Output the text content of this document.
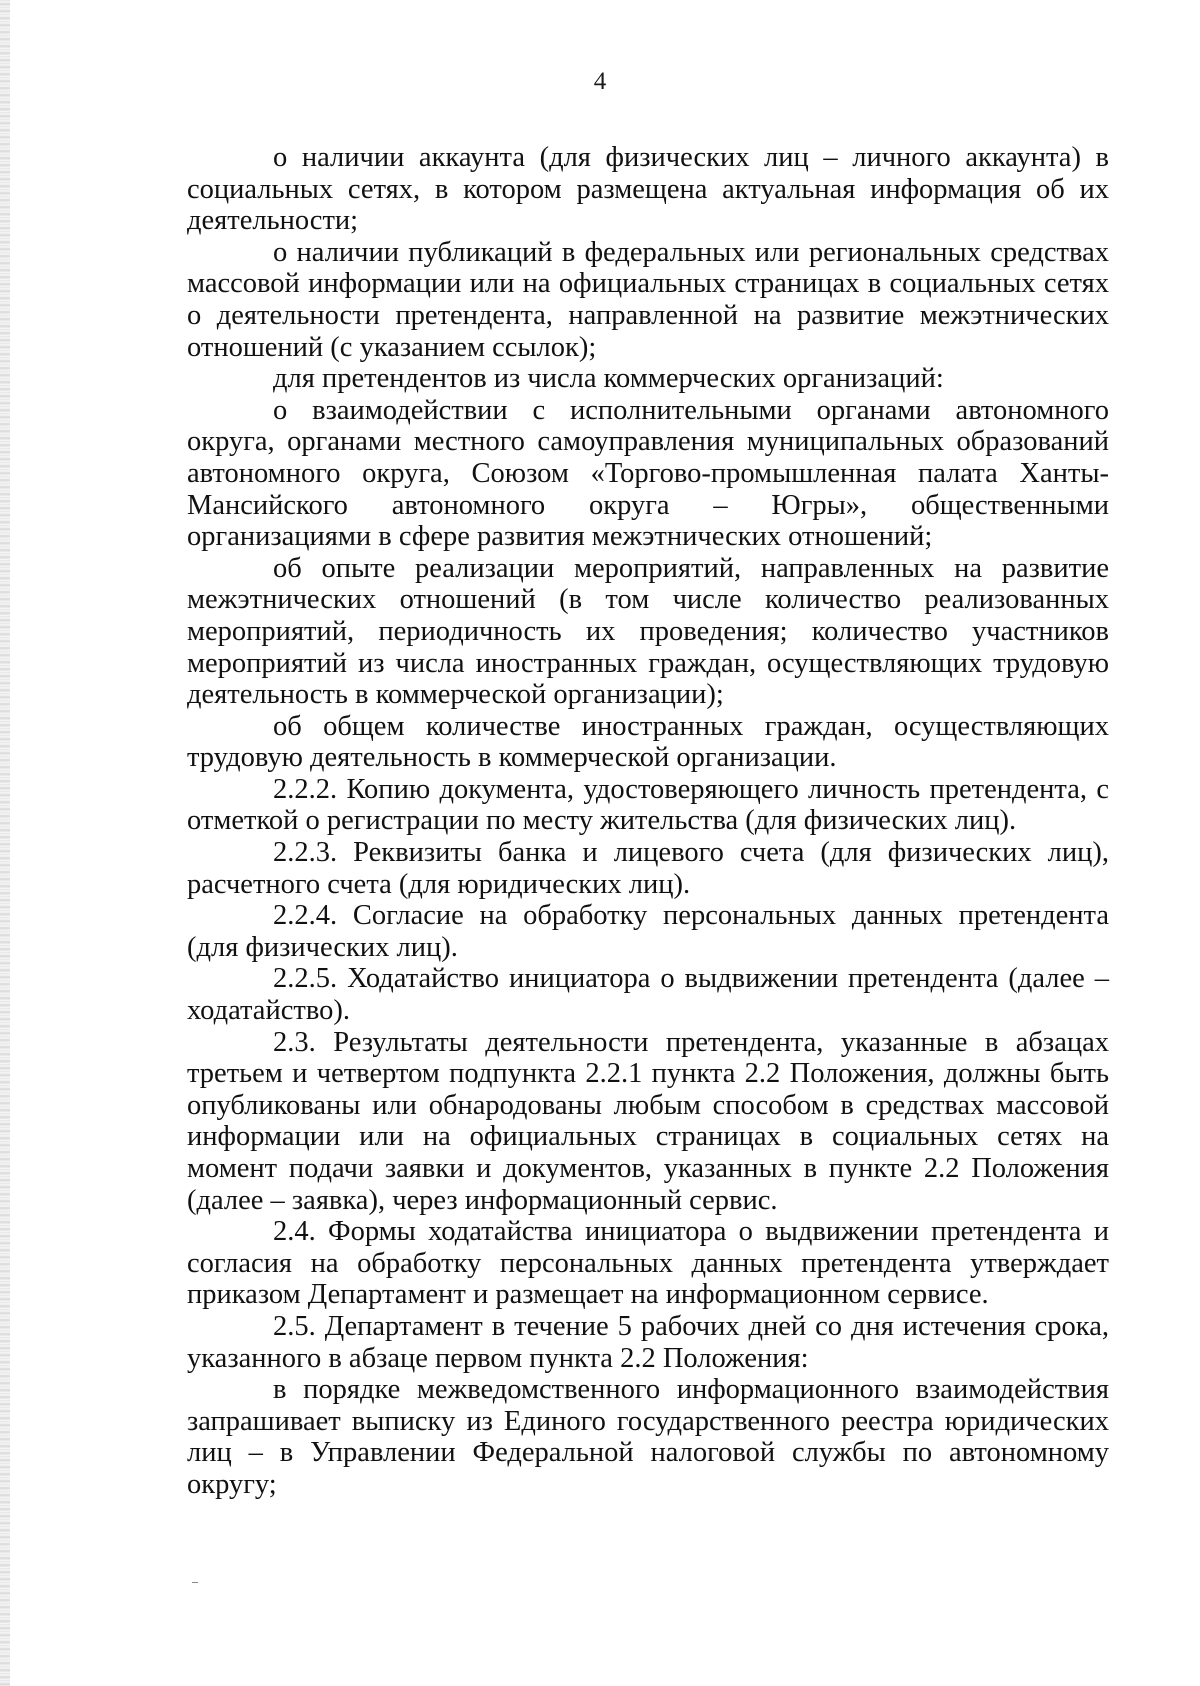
4

о наличии аккаунта (для физических лиц – личного аккаунта) в социальных сетях, в котором размещена актуальная информация об их деятельности;

о наличии публикаций в федеральных или региональных средствах массовой информации или на официальных страницах в социальных сетях о деятельности претендента, направленной на развитие межэтнических отношений (с указанием ссылок);

для претендентов из числа коммерческих организаций:

о взаимодействии с исполнительными органами автономного округа, органами местного самоуправления муниципальных образований автономного округа, Союзом «Торгово-промышленная палата Ханты-Мансийского автономного округа – Югры», общественными организациями в сфере развития межэтнических отношений;

об опыте реализации мероприятий, направленных на развитие межэтнических отношений (в том числе количество реализованных мероприятий, периодичность их проведения; количество участников мероприятий из числа иностранных граждан, осуществляющих трудовую деятельность в коммерческой организации);

об общем количестве иностранных граждан, осуществляющих трудовую деятельность в коммерческой организации.

2.2.2. Копию документа, удостоверяющего личность претендента, с отметкой о регистрации по месту жительства (для физических лиц).

2.2.3. Реквизиты банка и лицевого счета (для физических лиц), расчетного счета (для юридических лиц).

2.2.4. Согласие на обработку персональных данных претендента (для физических лиц).

2.2.5. Ходатайство инициатора о выдвижении претендента (далее – ходатайство).

2.3. Результаты деятельности претендента, указанные в абзацах третьем и четвертом подпункта 2.2.1 пункта 2.2 Положения, должны быть опубликованы или обнародованы любым способом в средствах массовой информации или на официальных страницах в социальных сетях на момент подачи заявки и документов, указанных в пункте 2.2 Положения (далее – заявка), через информационный сервис.

2.4. Формы ходатайства инициатора о выдвижении претендента и согласия на обработку персональных данных претендента утверждает приказом Департамент и размещает на информационном сервисе.

2.5. Департамент в течение 5 рабочих дней со дня истечения срока, указанного в абзаце первом пункта 2.2 Положения:

в порядке межведомственного информационного взаимодействия запрашивает выписку из Единого государственного реестра юридических лиц – в Управлении Федеральной налоговой службы по автономному округу;
